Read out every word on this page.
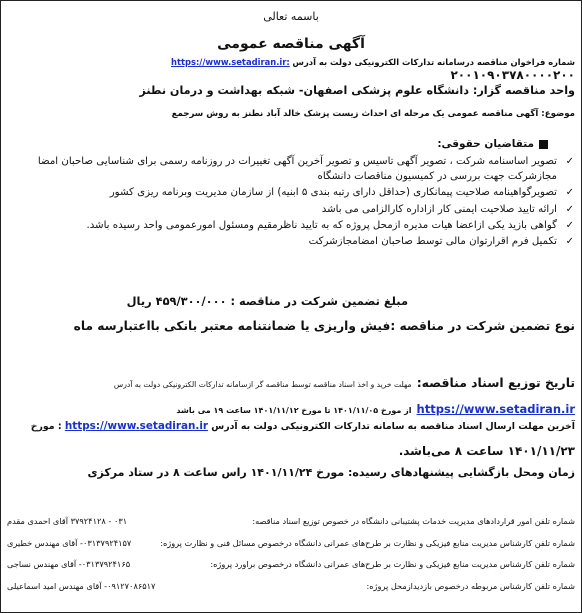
باسمه تعالی
آگهی مناقصه عمومی
شماره فراخوان مناقصه درسامانه تدارکات الکترونیکی دولت به آدرس https://www.setadiran.ir:
۲۰۰۱۰۹۰۳۷۸۰۰۰۰۲۰۰
واحد مناقصه گزار: دانشگاه علوم پزشکی اصفهان- شبکه بهداشت و درمان نطنز
موضوع: آگهی مناقصه عمومی یک مرحله ای احداث زیست پزشک خالد آباد نطنز به روش سرجمع
متقاضیان حقوقی:
✓
تصویر اساسنامه شرکت ، تصویر آگهی تاسیس و تصویر آخرین آگهی تغییرات در روزنامه رسمی برای شناسایی صاحبان امضا مجازشرکت جهت بررسی در کمیسیون مناقصات دانشگاه
✓
تصویرگواهینامه صلاحیت پیمانکاری (حداقل دارای رتبه بندی ۵ ابنیه) از سازمان مدیریت وبرنامه ریزی کشور
✓
ارائه تایید صلاحیت ایمنی کار ازاداره کارالزامی می باشد
✓
گواهی بازید یکی ازاعضا هیات مدیره ازمحل پروژه که به تایید ناظرمقیم ومسئول امورعمومی واحد رسیده باشد.
✓
تکمیل فرم اقرارتوان مالی توسط صاحبان امضامجازشرکت
مبلغ تضمین شرکت در مناقصه : ۴۵۹/۳۰۰/۰۰۰ ریال
نوع تضمین شرکت در مناقصه :فیش واریزی یا ضمانتنامه معتبر بانکی بااعتبارسه ماه
تاریخ توزیع اسناد مناقصه: مهلت خرید و اخذ اسناد مناقصه توسط مناقصه گر ازسامانه تدارکات الکترونیکی دولت به آدرس
https://www.setadiran.ir از مورخ ۱۴۰۱/۱۱/۰۵ تا مورخ ۱۴۰۱/۱۱/۱۲ ساعت ۱۹ می باشد
آخرین مهلت ارسال اسناد مناقصه به سامانه تدارکات الکترونیکی دولت به آدرس https://www.setadiran.ir : مورخ
۱۴۰۱/۱۱/۲۳ ساعت ۸ می‌باشد.
زمان ومحل بازگشایی پیشنهادهای رسیده: مورخ ۱۴۰۱/۱۱/۲۴ راس ساعت ۸ در ستاد مرکزی
شماره تلفن امور قراردادهای مدیریت خدمات پشتیبانی دانشگاه در خصوص توزیع اسناد مناقصه:
۰۳۱ - ۳۷۹۲۴۱۲۸ آقای احمدی مقدم
شماره تلفن کارشناس مدیریت منابع فیزیکی و نظارت بر طرح‌های عمرانی دانشگاه درخصوص مسائل فنی و نظارت پروژه:
۰۳۱۳۷۹۲۴۱۵۷- آقای مهندس خطیری
شماره تلفن کارشناس مدیریت منابع فیزیکی و نظارت بر طرح‌های عمرانی دانشگاه درخصوص براورد پروژه:
۰۳۱۳۷۹۲۴۱۶۵- آقای مهندس نساجی
شماره تلفن کارشناس مربوطه درخصوص بازدیدازمحل پروژه:
۰۹۱۲۷۰۸۶۵۱۷- آقای مهندس امید اسماعیلی
